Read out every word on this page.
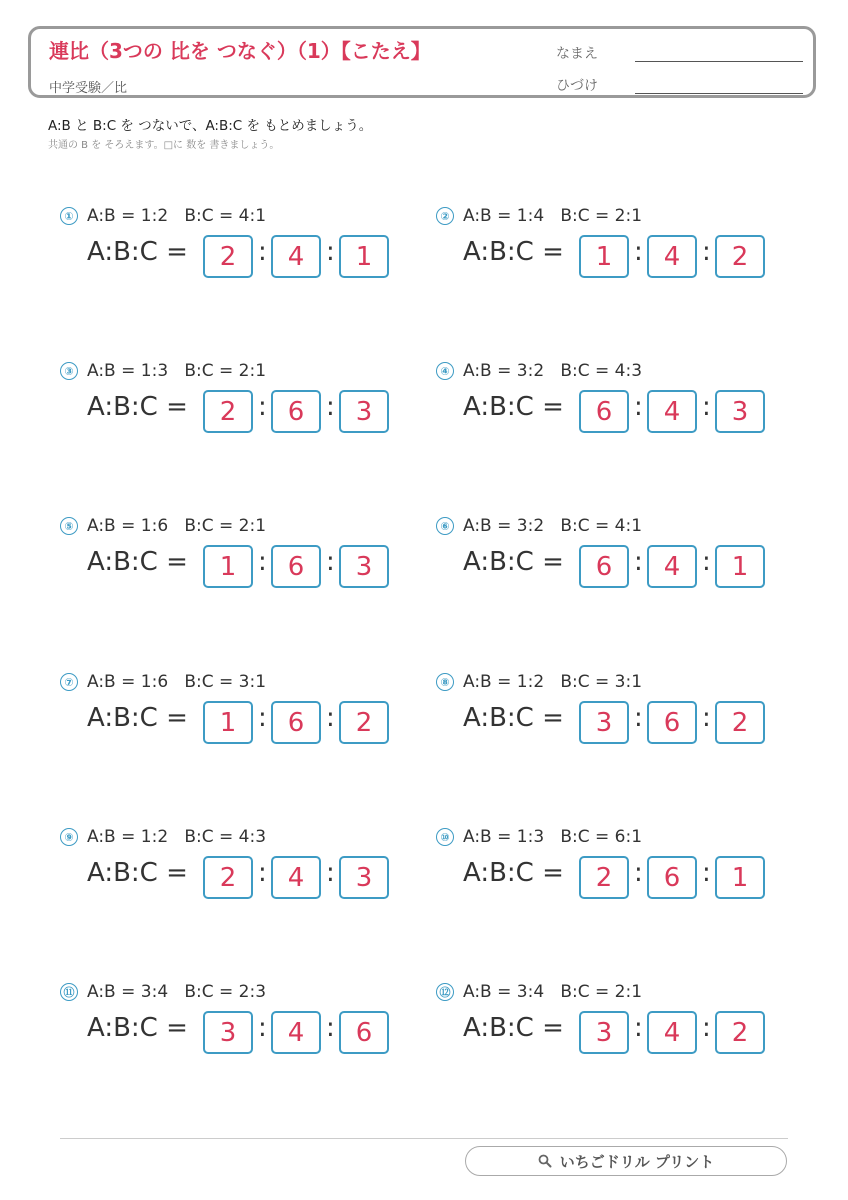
連比（3つの 比を つなぐ）（1）【こたえ】
中学受験／比
なまえ
ひづけ
A:B と B:C を つないで、A:B:C を もとめましょう。
共通の B を そろえます。□に 数を 書きましょう。
① A:B = 1:2   B:C = 4:1
A:B:C =	2 : 4 : 1
② A:B = 1:4   B:C = 2:1
A:B:C =	1 : 4 : 2
③ A:B = 1:3   B:C = 2:1
A:B:C =	2 : 6 : 3
④ A:B = 3:2   B:C = 4:3
A:B:C =	6 : 4 : 3
⑤ A:B = 1:6   B:C = 2:1
A:B:C =	1 : 6 : 3
⑥ A:B = 3:2   B:C = 4:1
A:B:C =	6 : 4 : 1
⑦ A:B = 1:6   B:C = 3:1
A:B:C =	1 : 6 : 2
⑧ A:B = 1:2   B:C = 3:1
A:B:C =	3 : 6 : 2
⑨ A:B = 1:2   B:C = 4:3
A:B:C =	2 : 4 : 3
⑩ A:B = 1:3   B:C = 6:1
A:B:C =	2 : 6 : 1
⑪ A:B = 3:4   B:C = 2:3
A:B:C =	3 : 4 : 6
⑫ A:B = 3:4   B:C = 2:1
A:B:C =	3 : 4 : 2
いちごドリル プリント
